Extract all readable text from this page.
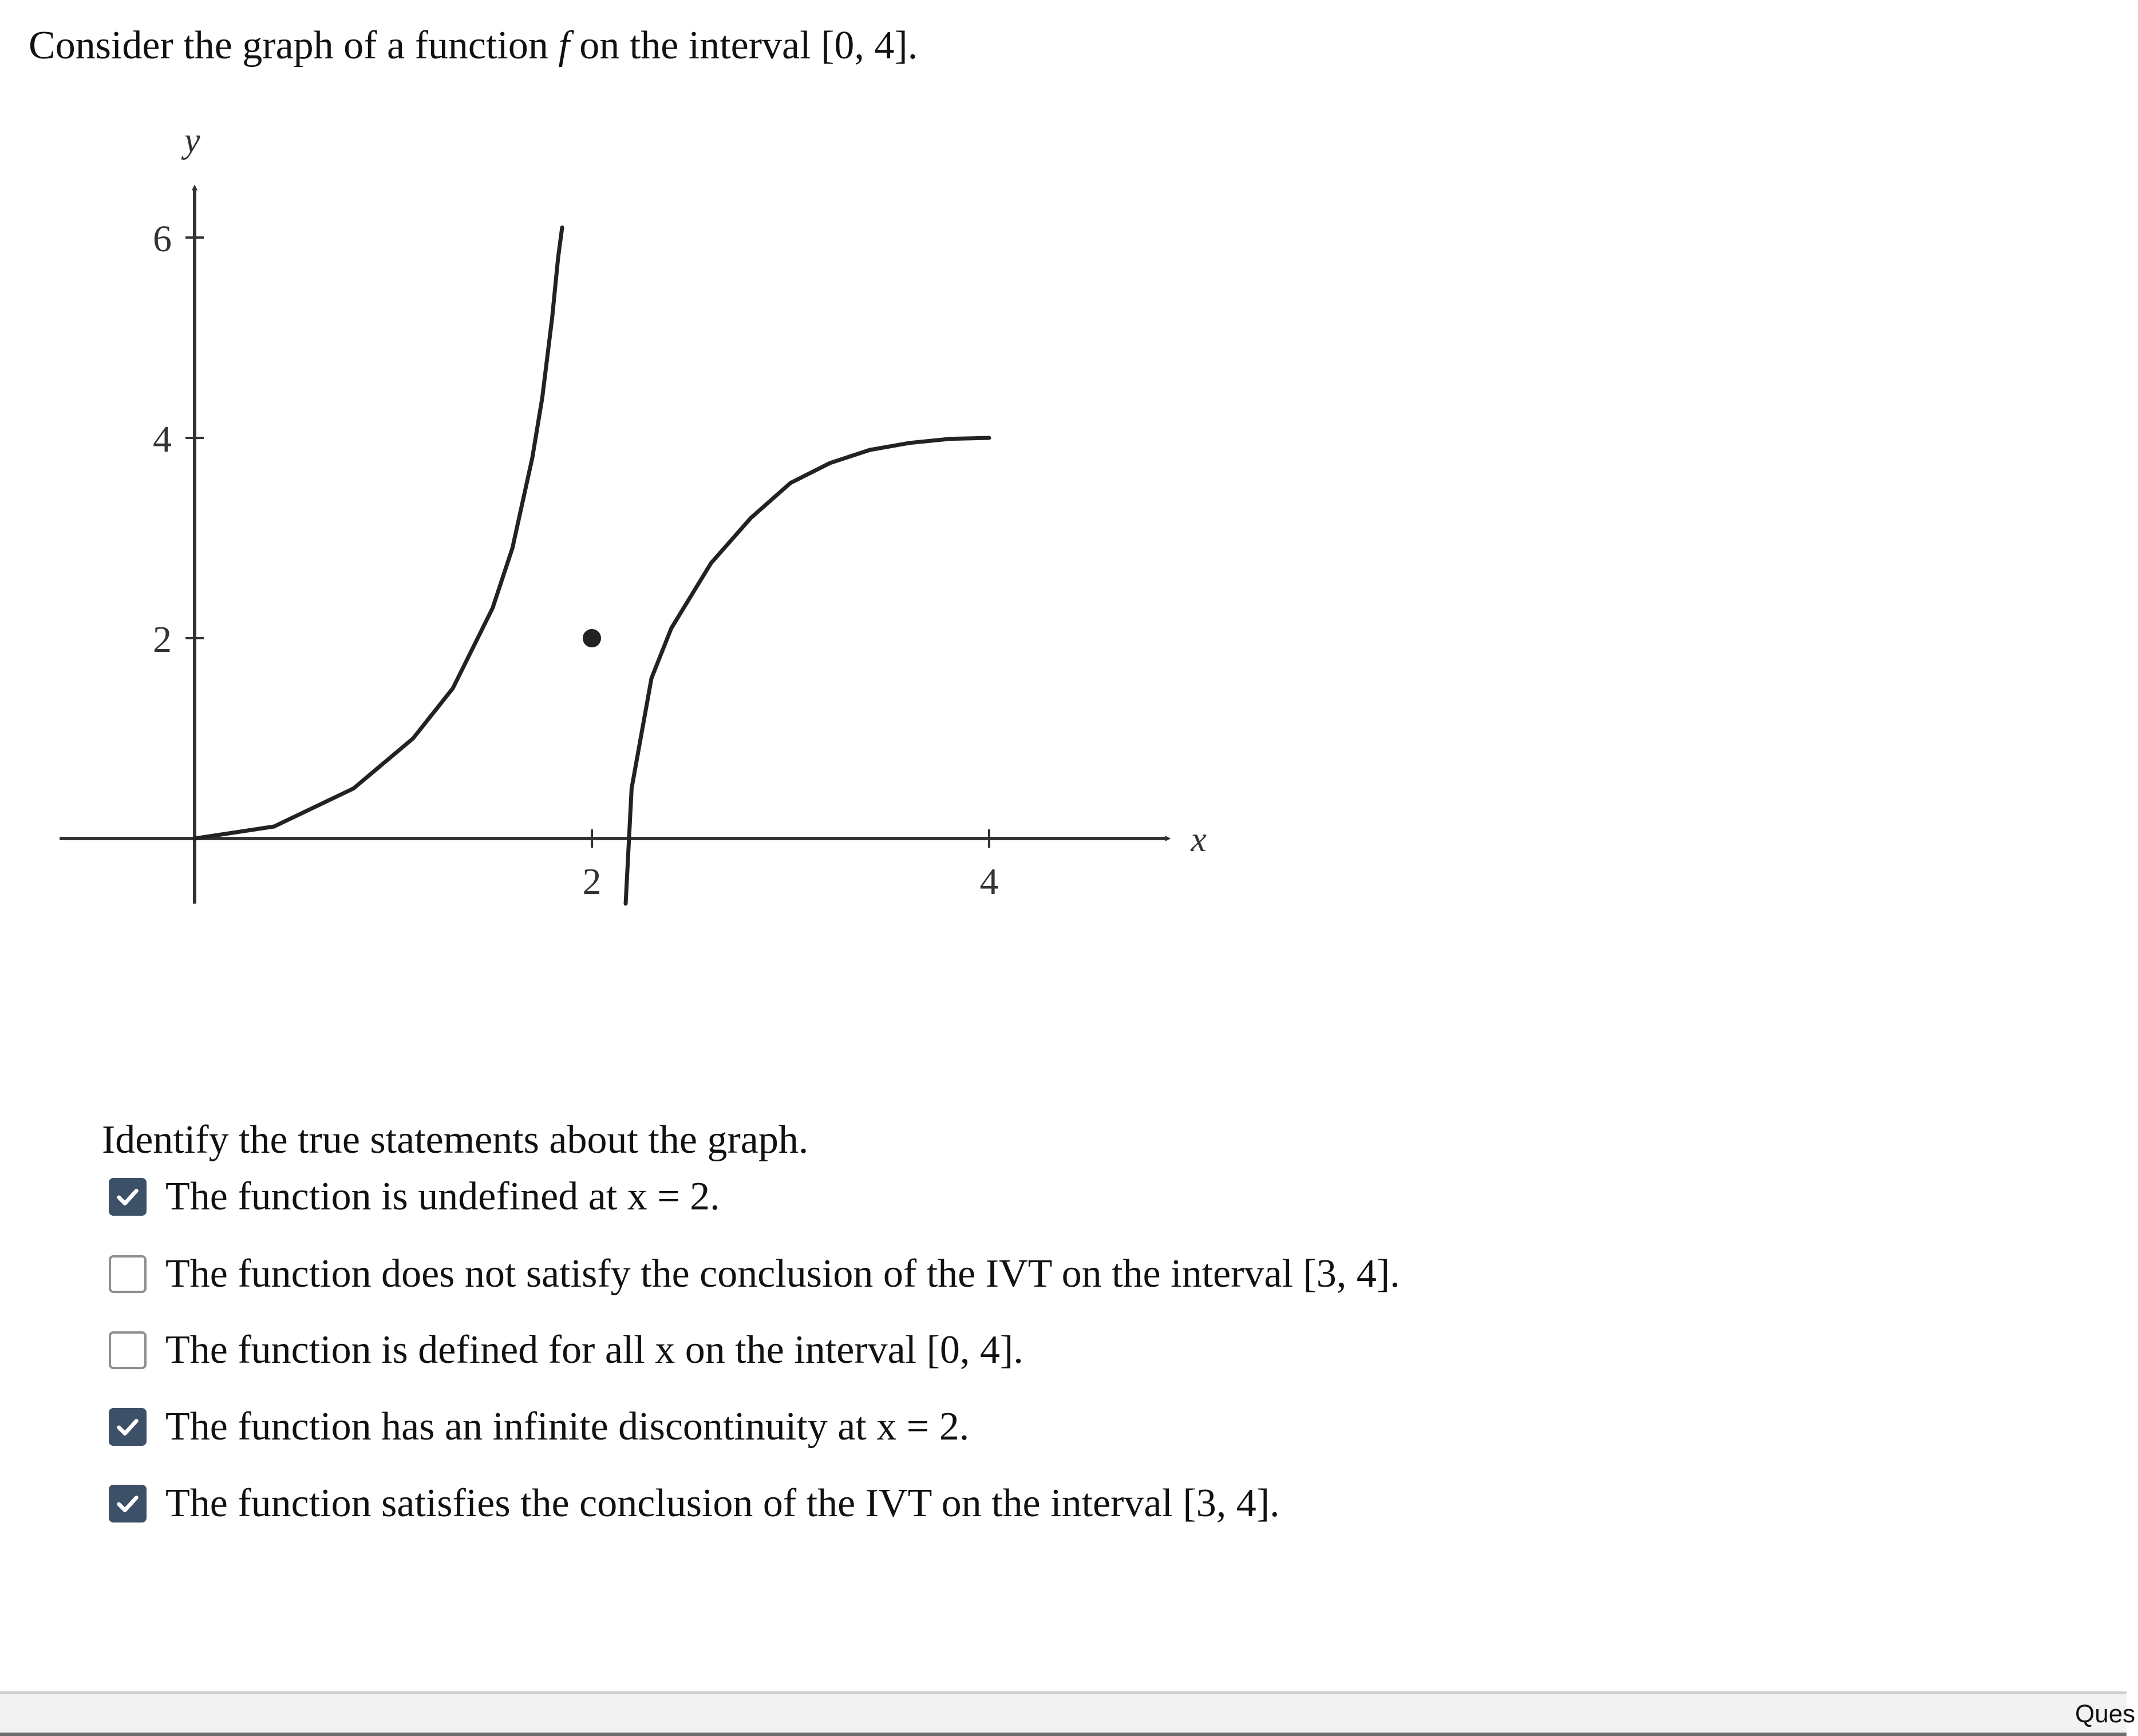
Consider the graph of a function f on the interval [0, 4].
x
y
2	4
2
4
6
Identify the true statements about the graph.
The function is undefined at x = 2.
The function does not satisfy the conclusion of the IVT on the interval [3, 4].
The function is defined for all x on the interval [0, 4].
The function has an infinite discontinuity at x = 2.
The function satisfies the conclusion of the IVT on the interval [3, 4].
Ques
